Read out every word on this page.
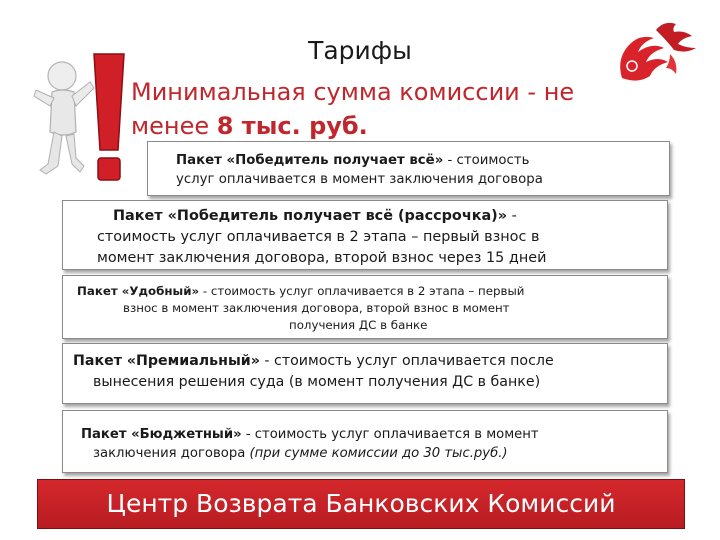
Тарифы
Минимальная сумма комиссии - не
менее 8 тыс. руб.
Пакет «Победитель получает всё» - стоимость
услуг оплачивается в момент заключения договора
Пакет «Победитель получает всё (рассрочка)» -
стоимость услуг оплачивается в 2 этапа – первый взнос в
момент заключения договора, второй взнос через 15 дней
Пакет «Удобный» - стоимость услуг оплачивается в 2 этапа – первый
взнос в момент заключения договора, второй взнос в момент
получения ДС в банке
Пакет «Премиальный» - стоимость услуг оплачивается после
вынесения решения суда (в момент получения ДС в банке)
Пакет «Бюджетный» - стоимость услуг оплачивается в момент
заключения договора (при сумме комиссии до 30 тыс.руб.)
Центр Возврата Банковских Комиссий
